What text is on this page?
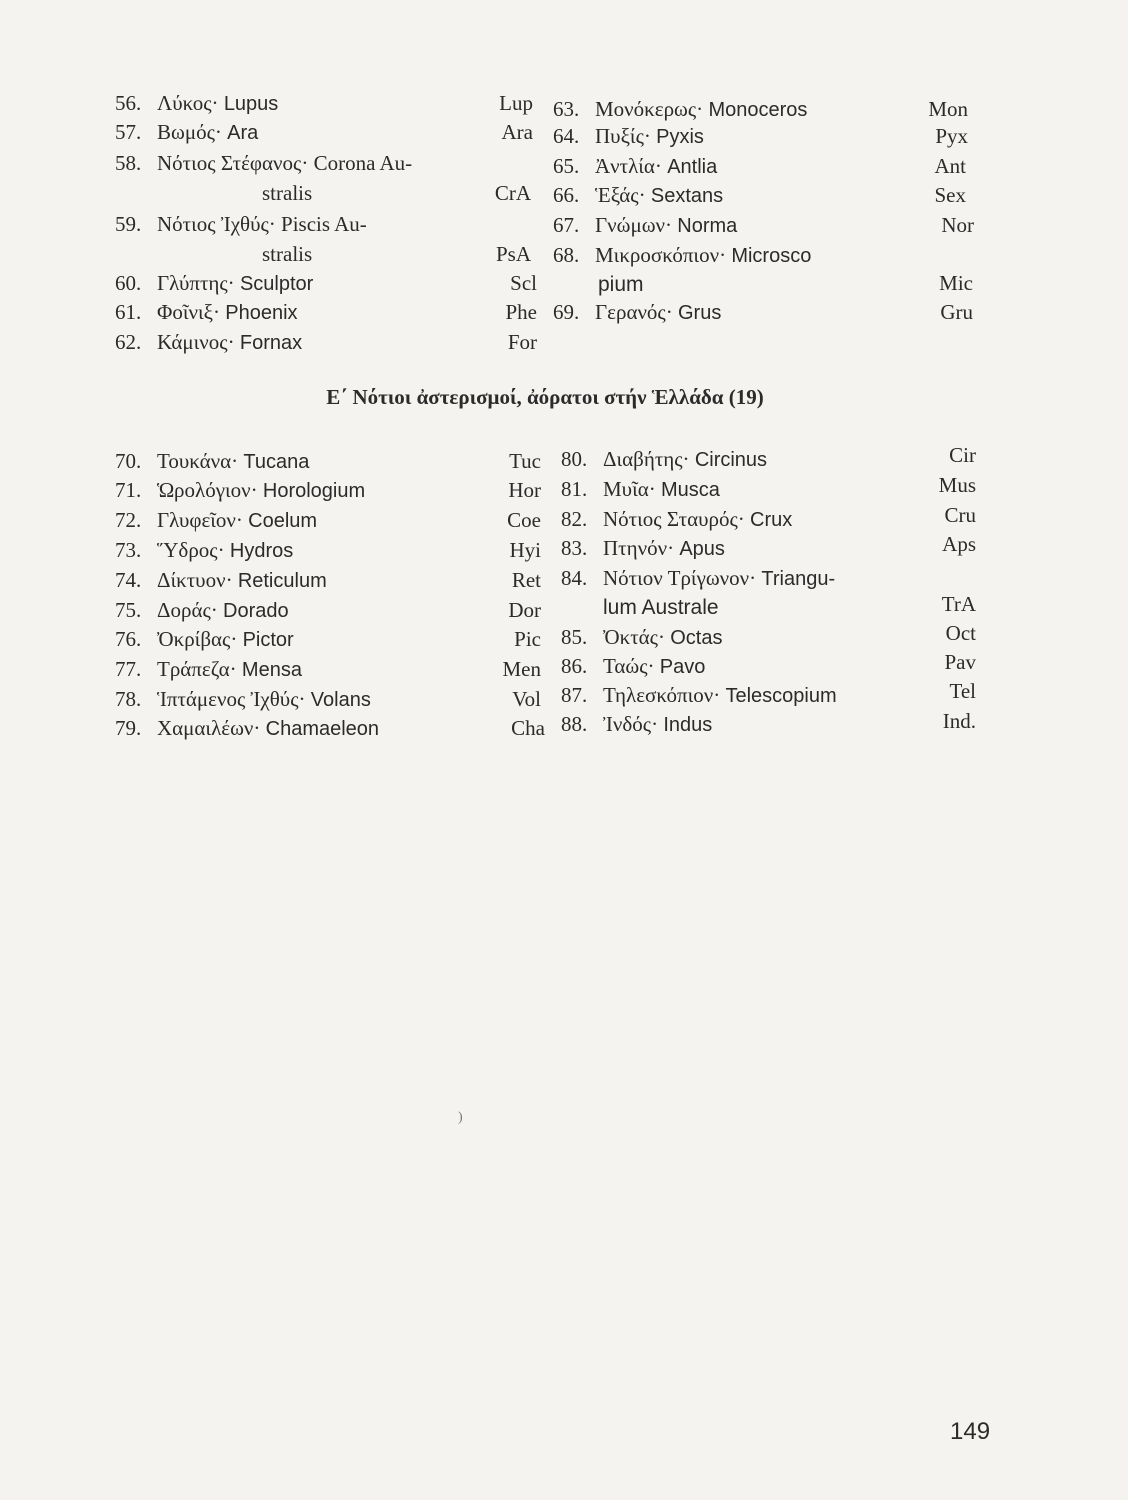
56. Λύκος· Lupus	Lup
57. Βωμός· Ara	Ara
58. Νότιος Στέφανος· Corona Au-
stralis	CrA
59. Νότιος Ἰχθύς· Piscis Au-
stralis	PsA
60. Γλύπτης· Sculptor	Scl
61. Φοῖνιξ· Phoenix	Phe
62. Κάμινος· Fornax	For
63. Μονόκερως· Monoceros	Mon
64. Πυξίς· Pyxis	Pyx
65. Ἀντλία· Antlia	Ant
66. Ἑξάς· Sextans	Sex
67. Γνώμων· Norma	Nor
68. Μικροσκόπιον· Microsco
pium	Mic
69. Γερανός· Grus	Gru
Ε΄ Νότιοι ἀστερισμοί, ἀόρατοι στήν Ἑλλάδα (19)
70. Τουκάνα· Tucana	Tuc
71. Ὡρολόγιον· Horologium	Hor
72. Γλυφεῖον· Coelum	Coe
73. Ὕδρος· Hydros	Hyi
74. Δίκτυον· Reticulum	Ret
75. Δοράς· Dorado	Dor
76. Ὀκρίβας· Pictor	Pic
77. Τράπεζα· Mensa	Men
78. Ἱπτάμενος Ἰχθύς· Volans	Vol
79. Χαμαιλέων· Chamaeleon	Cha
80. Διαβήτης· Circinus	Cir
81. Μυῖα· Musca	Mus
82. Νότιος Σταυρός· Crux	Cru
83. Πτηνόν· Apus	Aps
84. Νότιον Τρίγωνον· Triangu-
lum Australe	TrA
85. Ὀκτάς· Octas	Oct
86. Ταώς· Pavo	Pav
87. Τηλεσκόπιον· Telescopium	Tel
88. Ἰνδός· Indus	Ind.
)
149
